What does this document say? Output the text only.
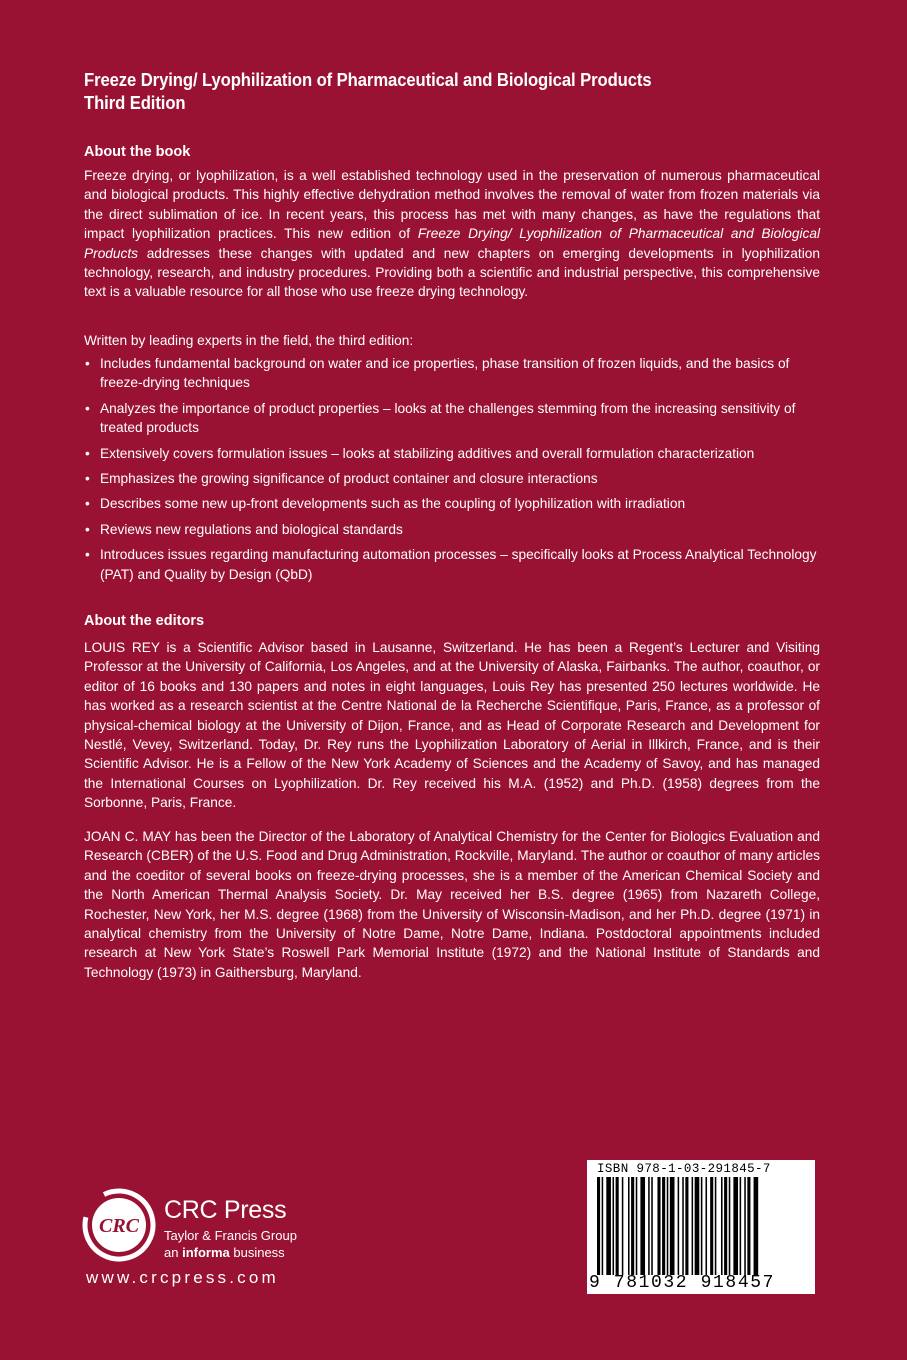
Freeze Drying/ Lyophilization of Pharmaceutical and Biological Products
Third Edition
About the book
Freeze drying, or lyophilization, is a well established technology used in the preservation of numerous pharmaceutical and biological products. This highly effective dehydration method involves the removal of water from frozen materials via the direct sublimation of ice. In recent years, this process has met with many changes, as have the regulations that impact lyophilization practices. This new edition of Freeze Drying/ Lyophilization of Pharmaceutical and Biological Products addresses these changes with updated and new chapters on emerging developments in lyophilization technology, research, and industry procedures. Providing both a scientific and industrial perspective, this comprehensive text is a valuable resource for all those who use freeze drying technology.
Written by leading experts in the field, the third edition:
• Includes fundamental background on water and ice properties, phase transition of frozen liquids, and the basics of freeze-drying techniques
• Analyzes the importance of product properties – looks at the challenges stemming from the increasing sensitivity of treated products
• Extensively covers formulation issues – looks at stabilizing additives and overall formulation characterization
• Emphasizes the growing significance of product container and closure interactions
• Describes some new up-front developments such as the coupling of lyophilization with irradiation
• Reviews new regulations and biological standards
• Introduces issues regarding manufacturing automation processes – specifically looks at Process Analytical Technology (PAT) and Quality by Design (QbD)
About the editors
LOUIS REY is a Scientific Advisor based in Lausanne, Switzerland. He has been a Regent’s Lecturer and Visiting Professor at the University of California, Los Angeles, and at the University of Alaska, Fairbanks. The author, coauthor, or editor of 16 books and 130 papers and notes in eight languages, Louis Rey has presented 250 lectures worldwide. He has worked as a research scientist at the Centre National de la Recherche Scientifique, Paris, France, as a professor of physical-chemical biology at the University of Dijon, France, and as Head of Corporate Research and Development for Nestlé, Vevey, Switzerland. Today, Dr. Rey runs the Lyophilization Laboratory of Aerial in Illkirch, France, and is their Scientific Advisor. He is a Fellow of the New York Academy of Sciences and the Academy of Savoy, and has managed the International Courses on Lyophilization. Dr. Rey received his M.A. (1952) and Ph.D. (1958) degrees from the Sorbonne, Paris, France.
JOAN C. MAY has been the Director of the Laboratory of Analytical Chemistry for the Center for Biologics Evaluation and Research (CBER) of the U.S. Food and Drug Administration, Rockville, Maryland. The author or coauthor of many articles and the coeditor of several books on freeze-drying processes, she is a member of the American Chemical Society and the North American Thermal Analysis Society. Dr. May received her B.S. degree (1965) from Nazareth College, Rochester, New York, her M.S. degree (1968) from the University of Wisconsin-Madison, and her Ph.D. degree (1971) in analytical chemistry from the University of Notre Dame, Notre Dame, Indiana. Postdoctoral appointments included research at New York State’s Roswell Park Memorial Institute (1972) and the National Institute of Standards and Technology (1973) in Gaithersburg, Maryland.
CRC
CRC Press
Taylor & Francis Group
an informa business
www.crcpress.com
ISBN 978-1-03-291845-7
9 781032 918457
